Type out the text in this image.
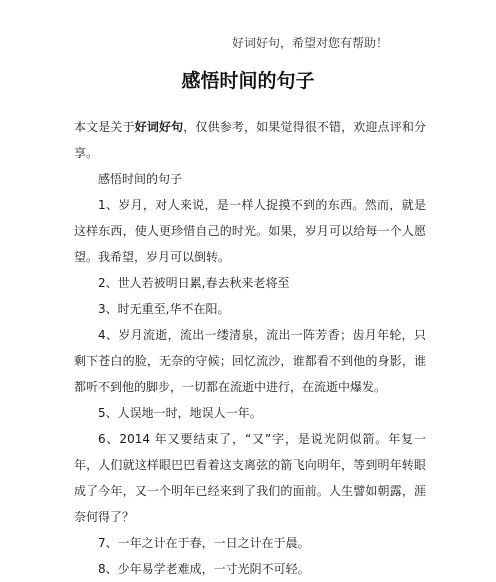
好词好句，希望对您有帮助！
感悟时间的句子

本文是关于好词好句，仅供参考，如果觉得很不错，欢迎点评和分享。

感悟时间的句子

1、岁月，对人来说，是一样人捉摸不到的东西。然而，就是这样东西，使人更珍惜自己的时光。如果，岁月可以给每一个人愿望。我希望，岁月可以倒转。

2、世人若被明日累,春去秋来老将至

3、时无重至,华不在阳。

4、岁月流逝，流出一缕清泉，流出一阵芳香；齿月年轮，只剩下苍白的脸，无奈的守候；回忆流沙，谁都看不到他的身影，谁都听不到他的脚步，一切都在流逝中进行，在流逝中爆发。

5、人误地一时，地误人一年。

6、2014 年又要结束了，“又”字，是说光阴似箭。年复一年，人们就这样眼巴巴看着这支离弦的箭飞向明年，等到明年转眼成了今年，又一个明年已经来到了我们的面前。人生譬如朝露，涯奈何得了？

7、一年之计在于春，一日之计在于晨。

8、少年易学老难成，一寸光阴不可轻。
